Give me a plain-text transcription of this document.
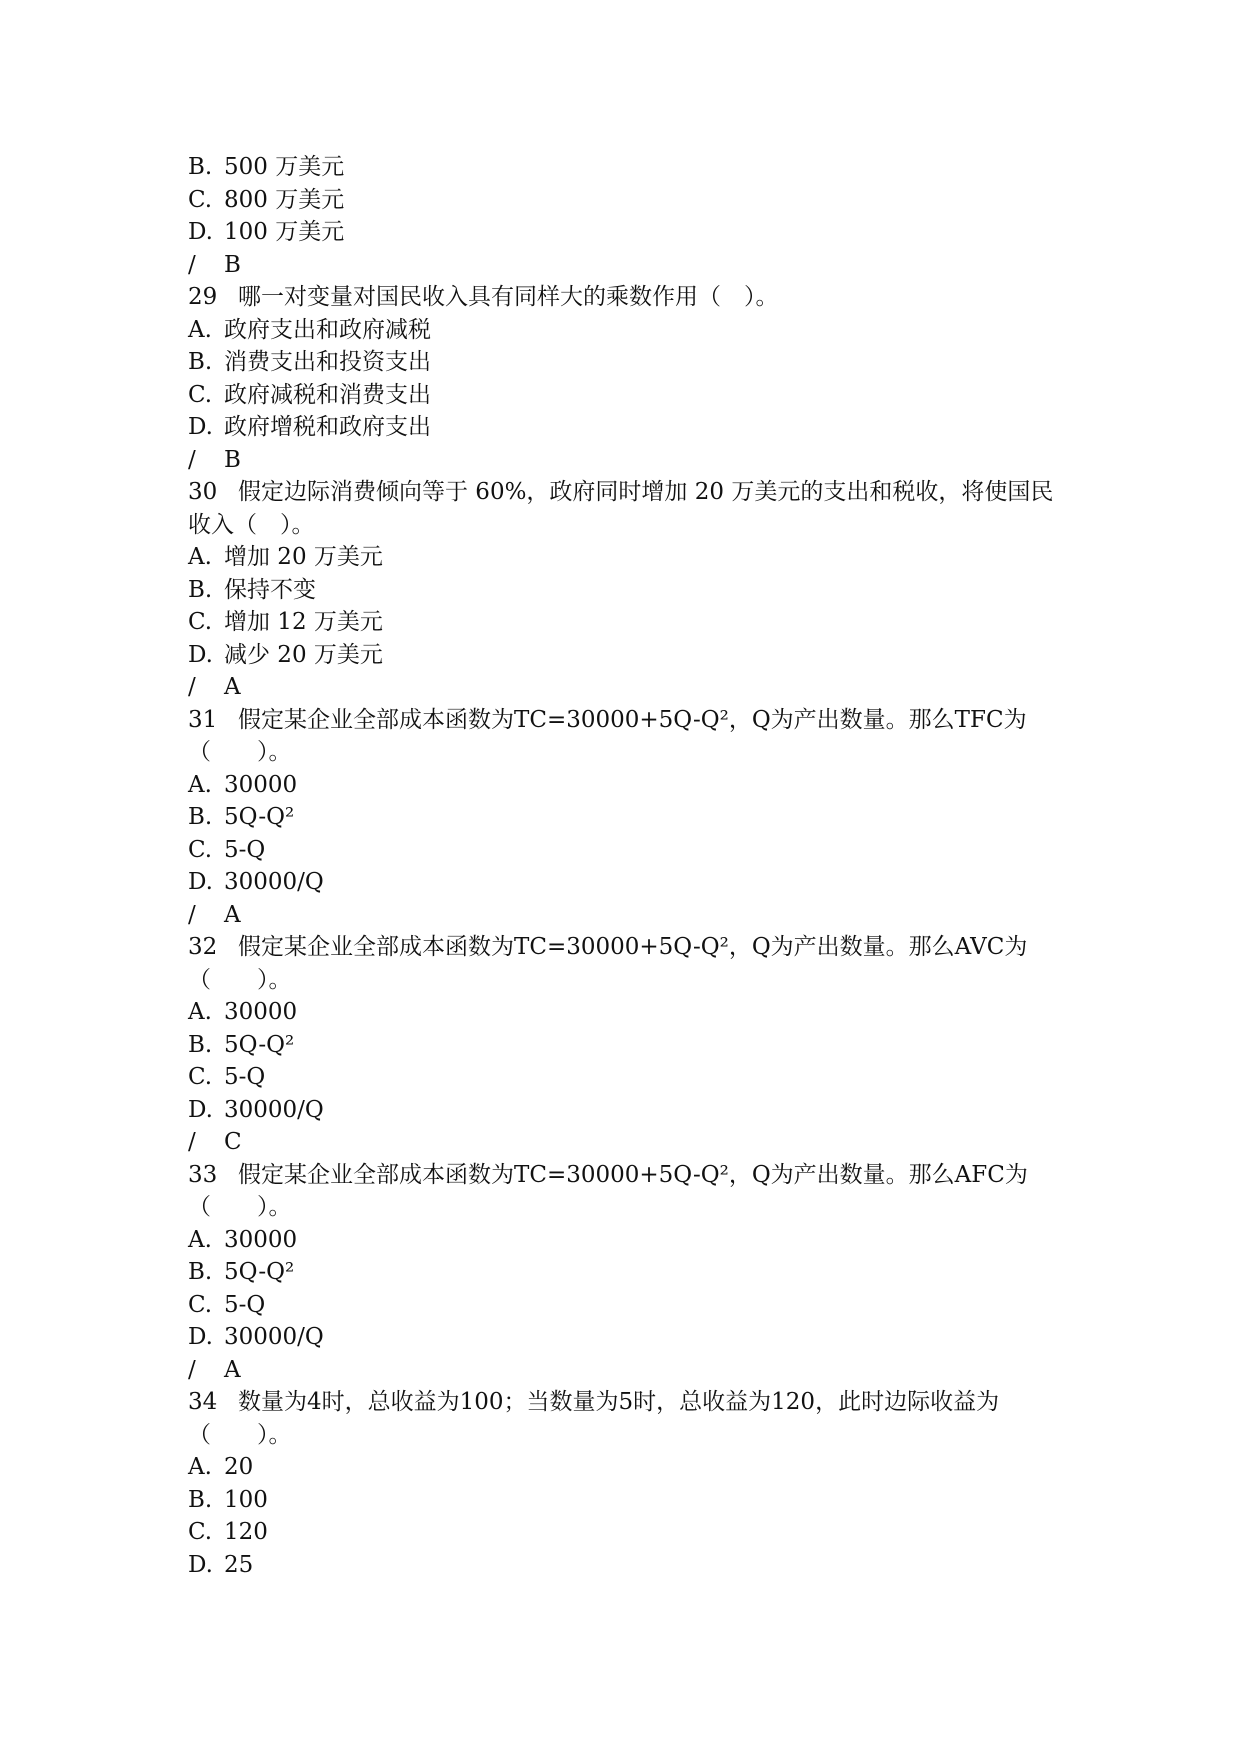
B. 500 万美元
C. 800 万美元
D. 100 万美元
/ B
29 哪一对变量对国民收入具有同样大的乘数作用（　）。
A. 政府支出和政府减税
B. 消费支出和投资支出
C. 政府减税和消费支出
D. 政府增税和政府支出
/ B
30 假定边际消费倾向等于 60%，政府同时增加 20 万美元的支出和税收，将使国民收入（　）。
A. 增加 20 万美元
B. 保持不变
C. 增加 12 万美元
D. 减少 20 万美元
/ A
31 假定某企业全部成本函数为TC=30000+5Q-Q²，Q为产出数量。那么TFC为（　　）。
A. 30000
B. 5Q-Q²
C. 5-Q
D. 30000/Q
/ A
32 假定某企业全部成本函数为TC=30000+5Q-Q²，Q为产出数量。那么AVC为（　　）。
A. 30000
B. 5Q-Q²
C. 5-Q
D. 30000/Q
/ C
33 假定某企业全部成本函数为TC=30000+5Q-Q²，Q为产出数量。那么AFC为（　　）。
A. 30000
B. 5Q-Q²
C. 5-Q
D. 30000/Q
/ A
34 数量为4时，总收益为100；当数量为5时，总收益为120，此时边际收益为（　　）。
A. 20
B. 100
C. 120
D. 25
